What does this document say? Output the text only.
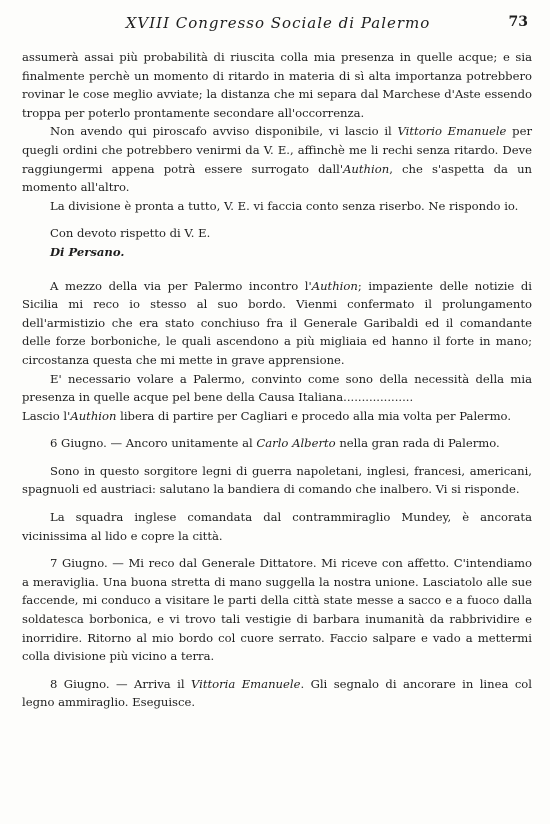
XVIII Congresso Sociale di Palermo	73

assumerà assai più probabilità di riuscita colla mia presenza in quelle acque; e sia finalmente perchè un momento di ritardo in materia di sì alta importanza potrebbero rovinar le cose meglio avviate; la distanza che mi separa dal Marchese d'Aste essendo troppa per poterlo prontamente secondare all'occorrenza.

Non avendo qui piroscafo avviso disponibile, vi lascio il Vittorio Emanuele per quegli ordini che potrebbero venirmi da V. E., affinchè me li rechi senza ritardo. Deve raggiungermi appena potrà essere surrogato dall'Authion, che s'aspetta da un momento all'altro.

La divisione è pronta a tutto, V. E. vi faccia conto senza riserbo. Ne rispondo io.

Con devoto rispetto di V. E.

Di Persano.

A mezzo della via per Palermo incontro l'Authion; impaziente delle notizie di Sicilia mi reco io stesso al suo bordo. Vienmi confermato il prolungamento dell'armistizio che era stato conchiuso fra il Generale Garibaldi ed il comandante delle forze borboniche, le quali ascendono a più migliaia ed hanno il forte in mano; circostanza questa che mi mette in grave apprensione.

E' necessario volare a Palermo, convinto come sono della necessità della mia presenza in quelle acque pel bene della Causa Italiana...................

Lascio l'Authion libera di partire per Cagliari e procedo alla mia volta per Palermo.

6 Giugno. — Ancoro unitamente al Carlo Alberto nella gran rada di Palermo.

Sono in questo sorgitore legni di guerra napoletani, inglesi, francesi, americani, spagnuoli ed austriaci: salutano la bandiera di comando che inalbero. Vi si risponde.

La squadra inglese comandata dal contrammiraglio Mundey, è ancorata vicinissima al lido e copre la città.

7 Giugno. — Mi reco dal Generale Dittatore. Mi riceve con affetto. C'intendiamo a meraviglia. Una buona stretta di mano suggella la nostra unione. Lasciatolo alle sue faccende, mi conduco a visitare le parti della città state messe a sacco e a fuoco dalla soldatesca borbonica, e vi trovo tali vestigie di barbara inumanità da rabbrividire e inorridire. Ritorno al mio bordo col cuore serrato. Faccio salpare e vado a mettermi colla divisione più vicino a terra.

8 Giugno. — Arriva il Vittoria Emanuele. Gli segnalo di ancorare in linea col legno ammiraglio. Eseguisce.
